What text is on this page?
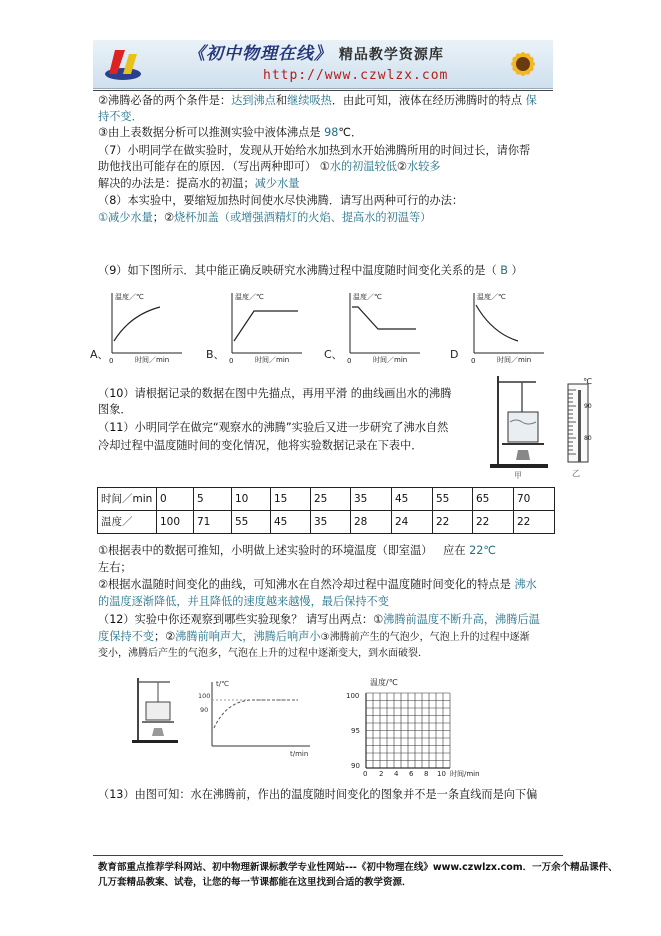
《初中物理在线》 精品教学资源库
http://www.czwlzx.com
②沸腾必备的两个条件是：达到沸点和继续吸热．由此可知，液体在经历沸腾时的特点 保
持不变．
③由上表数据分析可以推测实验中液体沸点是 98℃．
（7）小明同学在做实验时，发现从开始给水加热到水开始沸腾所用的时间过长，请你帮
助他找出可能存在的原因．（写出两种即可） ①水的初温较低②水较多
解决的办法是：提高水的初温；减少水量
（8）本实验中，要缩短加热时间使水尽快沸腾．请写出两种可行的办法：
①减少水量；②烧杯加盖（或增强酒精灯的火焰、提高水的初温等）
（9）如下图所示．其中能正确反映研究水沸腾过程中温度随时间变化关系的是（ B ）
温度／℃
时间／min
0
A、
温度／℃
时间／min
0
B、
温度／℃
时间／min
0
C、
温度／℃
时间／min
0
D
（10）请根据记录的数据在图中先描点，再用平滑 的曲线画出水的沸腾
图象．
（11）小明同学在做完“观察水的沸腾”实验后又进一步研究了沸水自然
冷却过程中温度随时间的变化情况，他将实验数据记录在下表中．
甲
℃
90
80
乙
时间／min	0	5	10	15	25	35	45	55	65	70
温度／	100	71	55	45	35	28	24	22	22	22
①根据表中的数据可推知，小明做上述实验时的环境温度（即室温） 应在 22℃
左右；
②根据水温随时间变化的曲线，可知沸水在自然冷却过程中温度随时间变化的特点是 沸水
的温度逐渐降低，并且降低的速度越来越慢，最后保持不变
（12）实验中你还观察到哪些实验现象？ 请写出两点：①沸腾前温度不断升高，沸腾后温
度保持不变；②沸腾前响声大，沸腾后响声小③沸腾前产生的气泡少，气泡上升的过程中逐渐
变小，沸腾后产生的气泡多，气泡在上升的过程中逐渐变大，到水面破裂．
t/℃
t/min
100
90
温度/℃
100
95
90
0 2 4 6 8 10 时间/min
（13）由图可知：水在沸腾前，作出的温度随时间变化的图象并不是一条直线而是向下偏
教育部重点推荐学科网站、初中物理新课标教学专业性网站---《初中物理在线》www.czwlzx.com．一万余个精品课件、
几万套精品教案、试卷，让您的每一节课都能在这里找到合适的教学资源．
